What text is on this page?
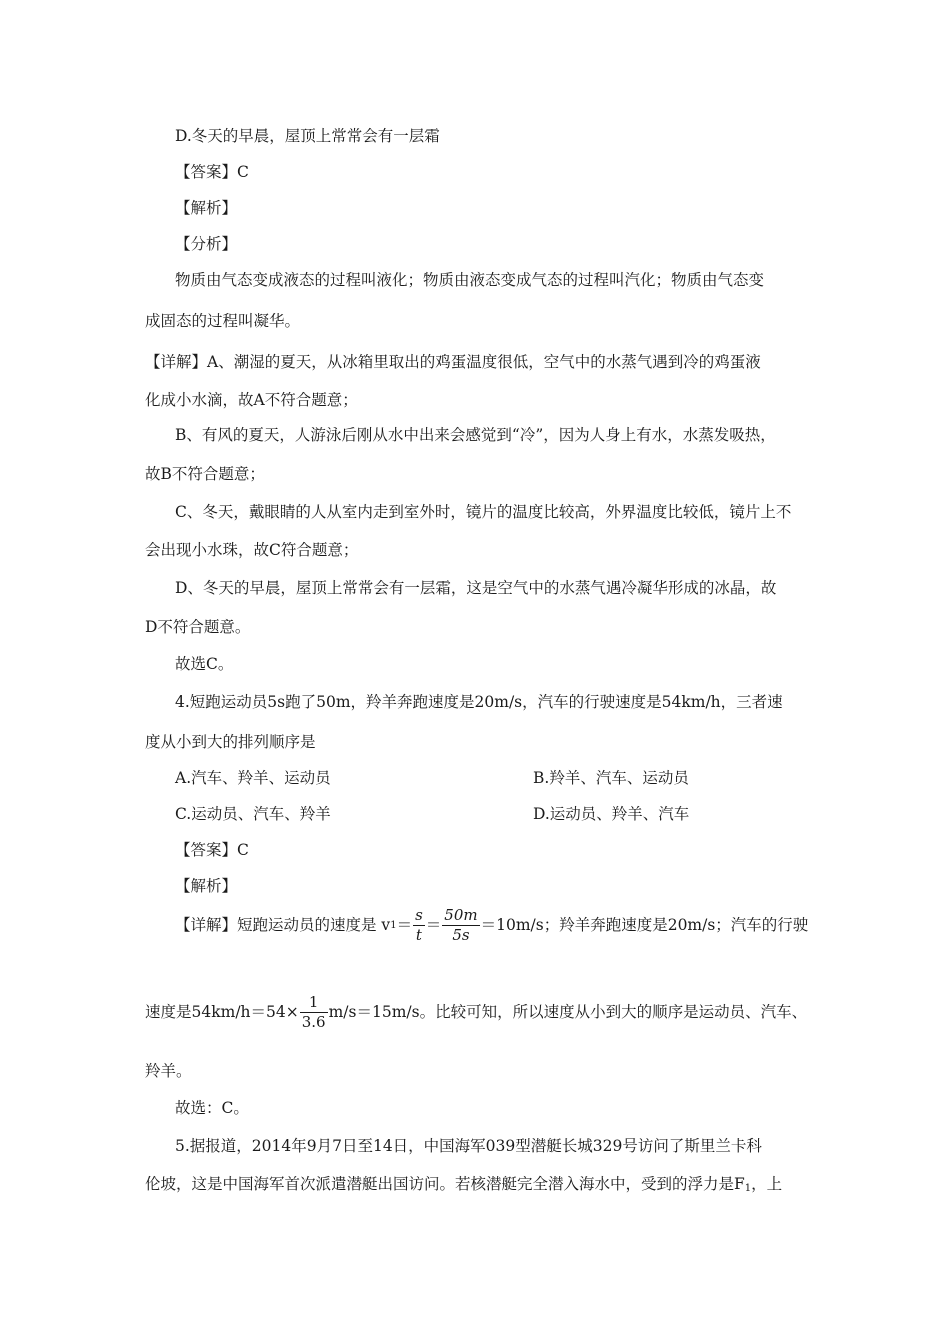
D.冬天的早晨，屋顶上常常会有一层霜
【答案】C
【解析】
【分析】
物质由气态变成液态的过程叫液化；物质由液态变成气态的过程叫汽化；物质由气态变
成固态的过程叫凝华。
【详解】A、潮湿的夏天，从冰箱里取出的鸡蛋温度很低，空气中的水蒸气遇到冷的鸡蛋液
化成小水滴，故A不符合题意；
B、有风的夏天，人游泳后刚从水中出来会感觉到“冷”，因为人身上有水，水蒸发吸热，
故B不符合题意；
C、冬天，戴眼睛的人从室内走到室外时，镜片的温度比较高，外界温度比较低，镜片上不
会出现小水珠，故C符合题意；
D、冬天的早晨，屋顶上常常会有一层霜，这是空气中的水蒸气遇冷凝华形成的冰晶，故
D不符合题意。
故选C。
4.短跑运动员5s跑了50m，羚羊奔跑速度是20m/s，汽车的行驶速度是54km/h，三者速
度从小到大的排列顺序是
A.汽车、羚羊、运动员	B.羚羊、汽车、运动员
C.运动员、汽车、羚羊	D.运动员、羚羊、汽车
【答案】C
【解析】
【详解】短跑运动员的速度是 v $1 = \frac{s}{t} = \frac{50m}{5s} =10m/s$；羚羊奔跑速度是20m/s；汽车的行驶
速度是$54km/h=54\times \frac{1}{3.6} m/s=15m/s$。比较可知，所以速度从小到大的顺序是运动员、汽车、
羚羊。
故选：C。
5.据报道，2014年9月7日至14日，中国海军039型潜艇长城329号访问了斯里兰卡科
伦坡，这是中国海军首次派遣潜艇出国访问。若核潜艇完全潜入海水中，受到的浮力是$F_1$，上
